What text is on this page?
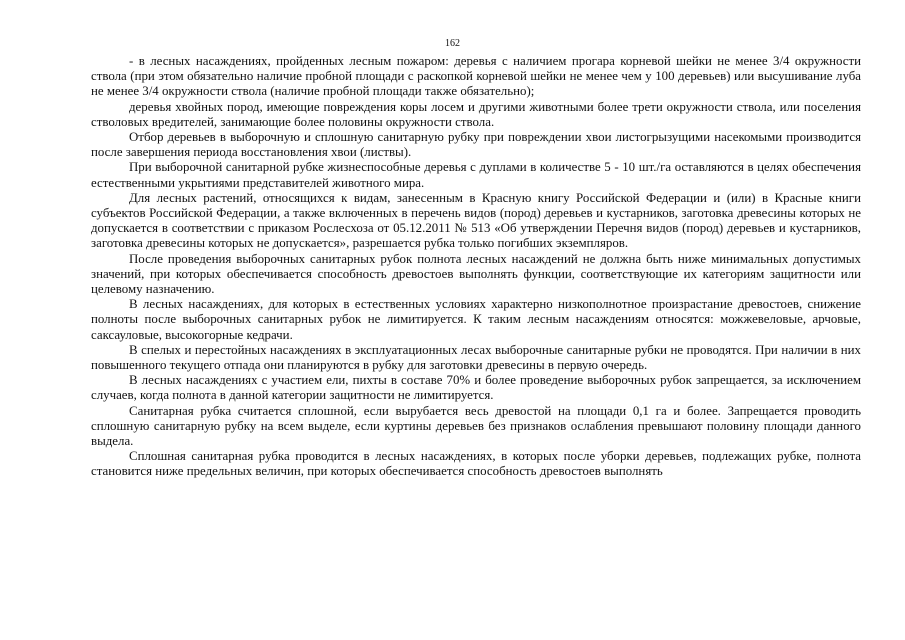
162

- в лесных насаждениях, пройденных лесным пожаром: деревья с наличием прогара корневой шейки не менее 3/4 окружности ствола (при этом обязательно наличие пробной площади с раскопкой корневой шейки не менее чем у 100 деревьев) или высушивание луба не менее 3/4 окружности ствола (наличие пробной площади также обязательно);

деревья хвойных пород, имеющие повреждения коры лосем и другими животными более трети окружности ствола, или поселения стволовых вредителей, занимающие более половины окружности ствола.

Отбор деревьев в выборочную и сплошную санитарную рубку при повреждении хвои листогрызущими насекомыми производится после завершения периода восстановления хвои (листвы).

При выборочной санитарной рубке жизнеспособные деревья с дуплами в количестве 5 - 10 шт./га оставляются в целях обеспечения естественными укрытиями представителей животного мира.

Для лесных растений, относящихся к видам, занесенным в Красную книгу Российской Федерации и (или) в Красные книги субъектов Российской Федерации, а также включенных в перечень видов (пород) деревьев и кустарников, заготовка древесины которых не допускается в соответствии с приказом Рослесхоза от 05.12.2011 № 513 «Об утверждении Перечня видов (пород) деревьев и кустарников, заготовка древесины которых не допускается», разрешается рубка только погибших экземпляров.

После проведения выборочных санитарных рубок полнота лесных насаждений не должна быть ниже минимальных допустимых значений, при которых обеспечивается способность древостоев выполнять функции, соответствующие их категориям защитности или целевому назначению.

В лесных насаждениях, для которых в естественных условиях характерно низкополнотное произрастание древостоев, снижение полноты после выборочных санитарных рубок не лимитируется. К таким лесным насаждениям относятся: можжевеловые, арчовые, саксауловые, высокогорные кедрачи.

В спелых и перестойных насаждениях в эксплуатационных лесах выборочные санитарные рубки не проводятся. При наличии в них повышенного текущего отпада они планируются в рубку для заготовки древесины в первую очередь.

В лесных насаждениях с участием ели, пихты в составе 70% и более проведение выборочных рубок запрещается, за исключением случаев, когда полнота в данной категории защитности не лимитируется.

Санитарная рубка считается сплошной, если вырубается весь древостой на площади 0,1 га и более. Запрещается проводить сплошную санитарную рубку на всем выделе, если куртины деревьев без признаков ослабления превышают половину площади данного выдела.

Сплошная санитарная рубка проводится в лесных насаждениях, в которых после уборки деревьев, подлежащих рубке, полнота становится ниже предельных величин, при которых обеспечивается способность древостоев выполнять
